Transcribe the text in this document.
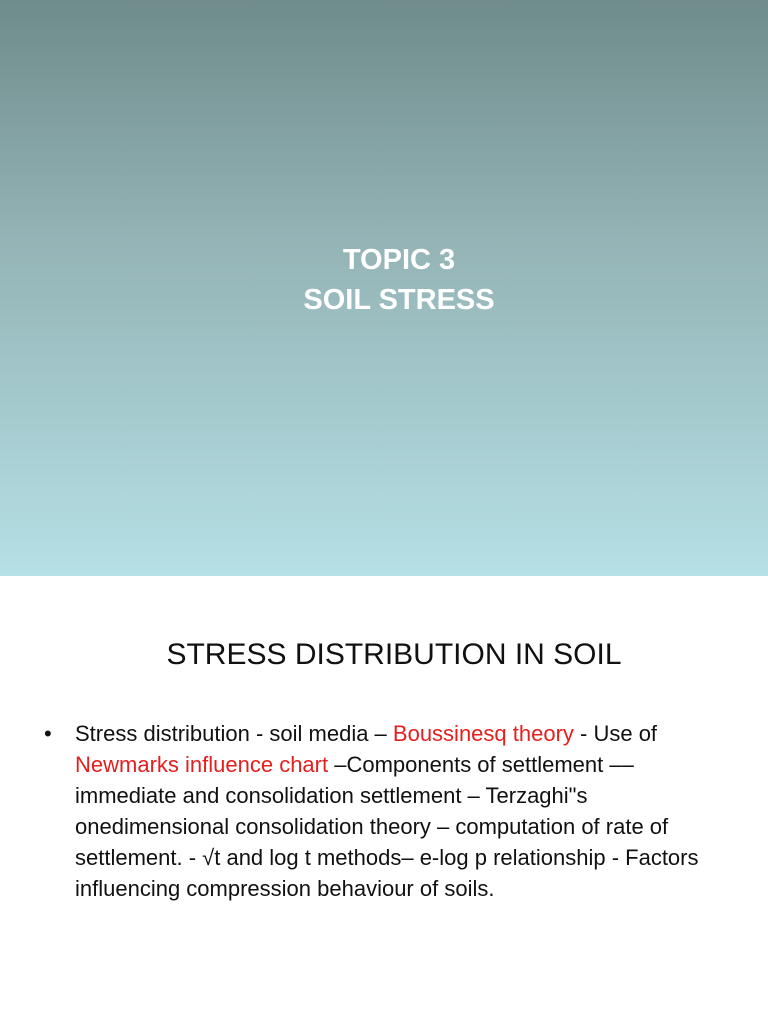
TOPIC 3
SOIL STRESS
STRESS DISTRIBUTION IN SOIL
•	Stress distribution - soil media – Boussinesq theory - Use of Newmarks influence chart –Components of settlement –– immediate and consolidation settlement – Terzaghi"s onedimensional consolidation theory – computation of rate of settlement. - √t and log t methods– e-log p relationship - Factors influencing compression behaviour of soils.
